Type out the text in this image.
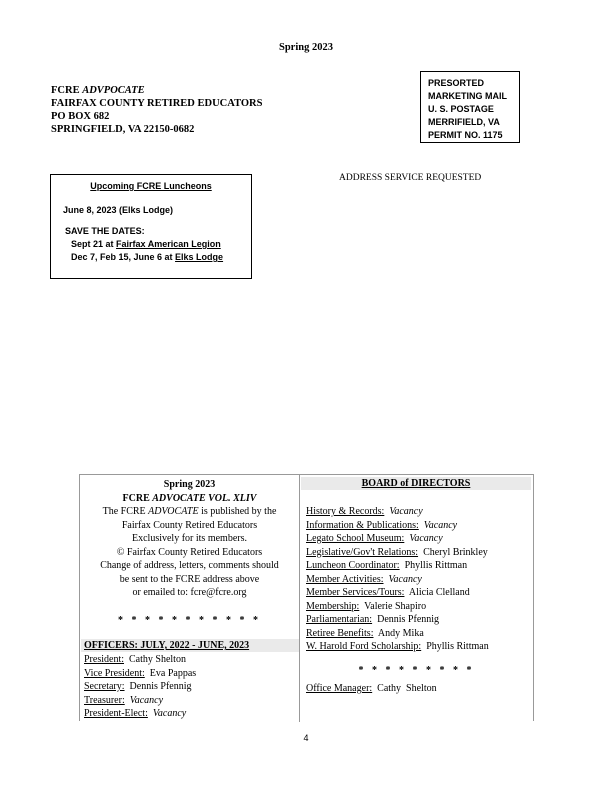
Spring 2023
FCRE ADVPOCATE
FAIRFAX COUNTY RETIRED EDUCATORS
PO BOX 682
SPRINGFIELD, VA 22150-0682
PRESORTED
MARKETING MAIL
U. S. POSTAGE
MERRIFIELD, VA
PERMIT NO. 1175
ADDRESS SERVICE REQUESTED
Upcoming FCRE Luncheons
June 8, 2023 (Elks Lodge)
SAVE THE DATES:
Sept 21 at Fairfax American Legion
Dec 7, Feb 15, June 6 at Elks Lodge
Spring 2023
FCRE ADVOCATE VOL. XLIV
The FCRE ADVOCATE is published by the
Fairfax County Retired Educators
Exclusively for its members.
© Fairfax County Retired Educators
Change of address, letters, comments should
be sent to the FCRE address above
or emailed to: fcre@fcre.org
* * * * * * * * * * *
OFFICERS: JULY, 2022 - JUNE, 2023
President:  Cathy Shelton
Vice President:  Eva Pappas
Secretary:  Dennis Pfennig
Treasurer:  Vacancy
President-Elect:  Vacancy
BOARD of DIRECTORS
History & Records:  Vacancy
Information & Publications:  Vacancy
Legato School Museum:  Vacancy
Legislative/Gov't Relations:  Cheryl Brinkley
Luncheon Coordinator:  Phyllis Rittman
Member Activities:  Vacancy
Member Services/Tours:  Alicia Clelland
Membership:  Valerie Shapiro
Parliamentarian:  Dennis Pfennig
Retiree Benefits:  Andy Mika
W. Harold Ford Scholarship:  Phyllis Rittman
* * * * * * * * *
Office Manager:  Cathy  Shelton
4
